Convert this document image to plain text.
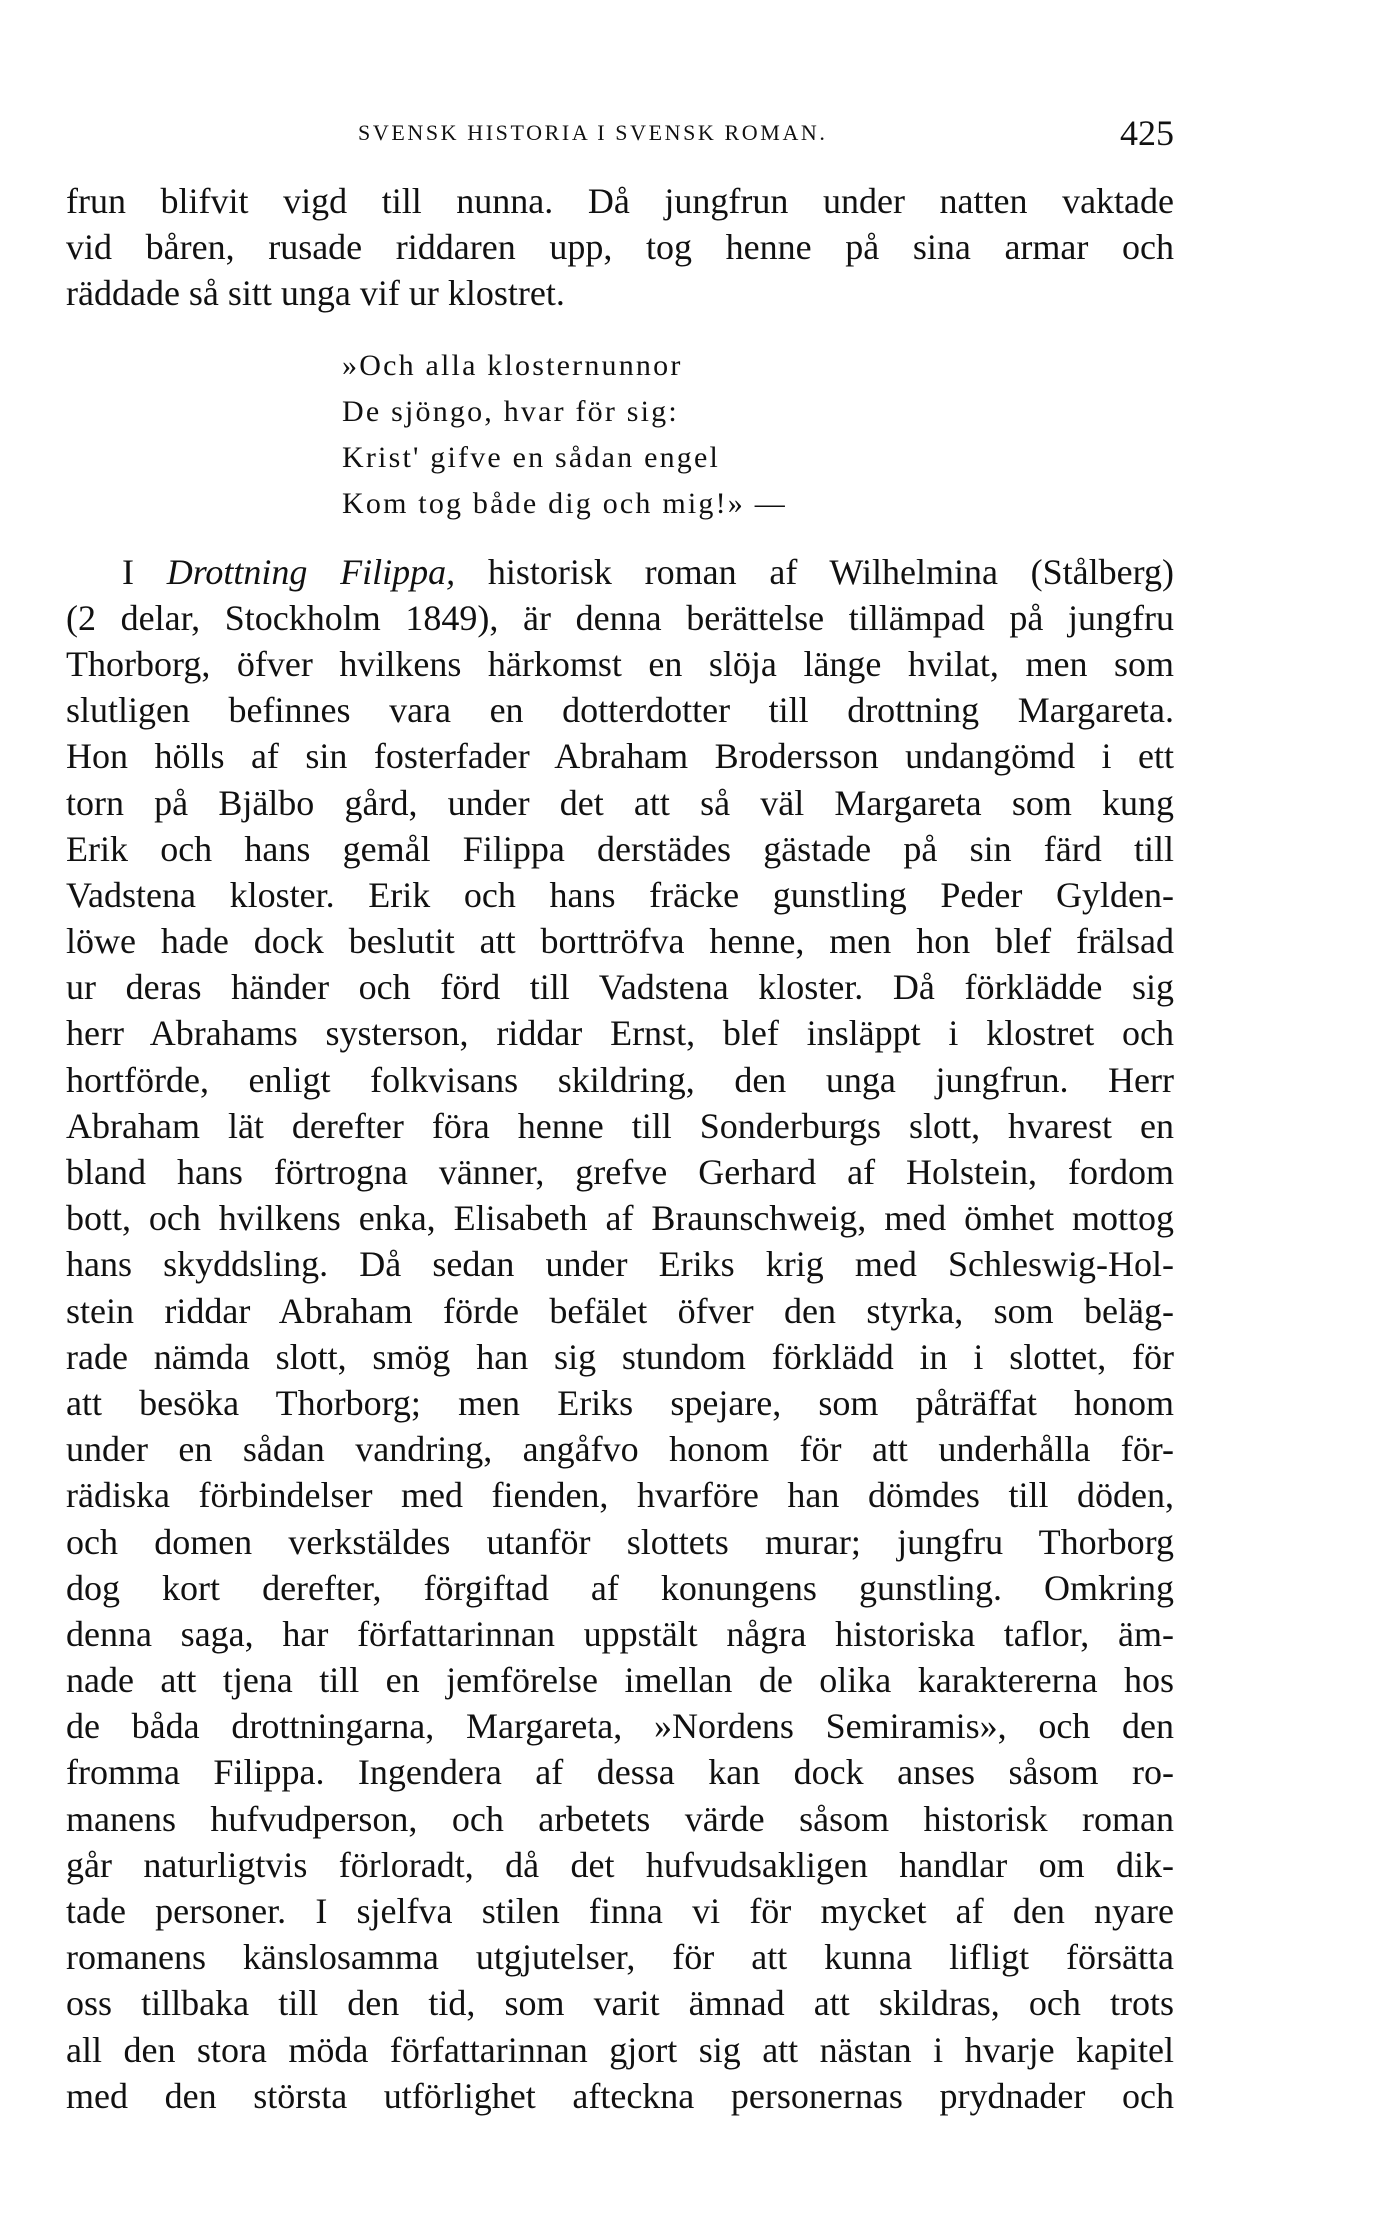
SVENSK HISTORIA I SVENSK ROMAN.	425
frun blifvit vigd till nunna. Då jungfrun under natten vaktade
vid båren, rusade riddaren upp, tog henne på sina armar och
räddade så sitt unga vif ur klostret.
»Och alla klosternunnor
De sjöngo, hvar för sig:
Krist' gifve en sådan engel
Kom tog både dig och mig!» —
I Drottning Filippa, historisk roman af Wilhelmina (Stålberg)
(2 delar, Stockholm 1849), är denna berättelse tillämpad på jungfru
Thorborg, öfver hvilkens härkomst en slöja länge hvilat, men som
slutligen befinnes vara en dotterdotter till drottning Margareta.
Hon hölls af sin fosterfader Abraham Brodersson undangömd i ett
torn på Bjälbo gård, under det att så väl Margareta som kung
Erik och hans gemål Filippa derstädes gästade på sin färd till
Vadstena kloster. Erik och hans fräcke gunstling Peder Gylden-
löwe hade dock beslutit att borttröfva henne, men hon blef frälsad
ur deras händer och förd till Vadstena kloster. Då förklädde sig
herr Abrahams systerson, riddar Ernst, blef insläppt i klostret och
hortförde, enligt folkvisans skildring, den unga jungfrun. Herr
Abraham lät derefter föra henne till Sonderburgs slott, hvarest en
bland hans förtrogna vänner, grefve Gerhard af Holstein, fordom
bott, och hvilkens enka, Elisabeth af Braunschweig, med ömhet mottog
hans skyddsling. Då sedan under Eriks krig med Schleswig-Hol-
stein riddar Abraham förde befälet öfver den styrka, som beläg-
rade nämda slott, smög han sig stundom förklädd in i slottet, för
att besöka Thorborg; men Eriks spejare, som påträffat honom
under en sådan vandring, angåfvo honom för att underhålla för-
rädiska förbindelser med fienden, hvarföre han dömdes till döden,
och domen verkstäldes utanför slottets murar; jungfru Thorborg
dog kort derefter, förgiftad af konungens gunstling. Omkring
denna saga, har författarinnan uppstält några historiska taflor, äm-
nade att tjena till en jemförelse imellan de olika karaktererna hos
de båda drottningarna, Margareta, »Nordens Semiramis», och den
fromma Filippa. Ingendera af dessa kan dock anses såsom ro-
manens hufvudperson, och arbetets värde såsom historisk roman
går naturligtvis förloradt, då det hufvudsakligen handlar om dik-
tade personer. I sjelfva stilen finna vi för mycket af den nyare
romanens känslosamma utgjutelser, för att kunna lifligt försätta
oss tillbaka till den tid, som varit ämnad att skildras, och trots
all den stora möda författarinnan gjort sig att nästan i hvarje kapitel
med den största utförlighet afteckna personernas prydnader och
